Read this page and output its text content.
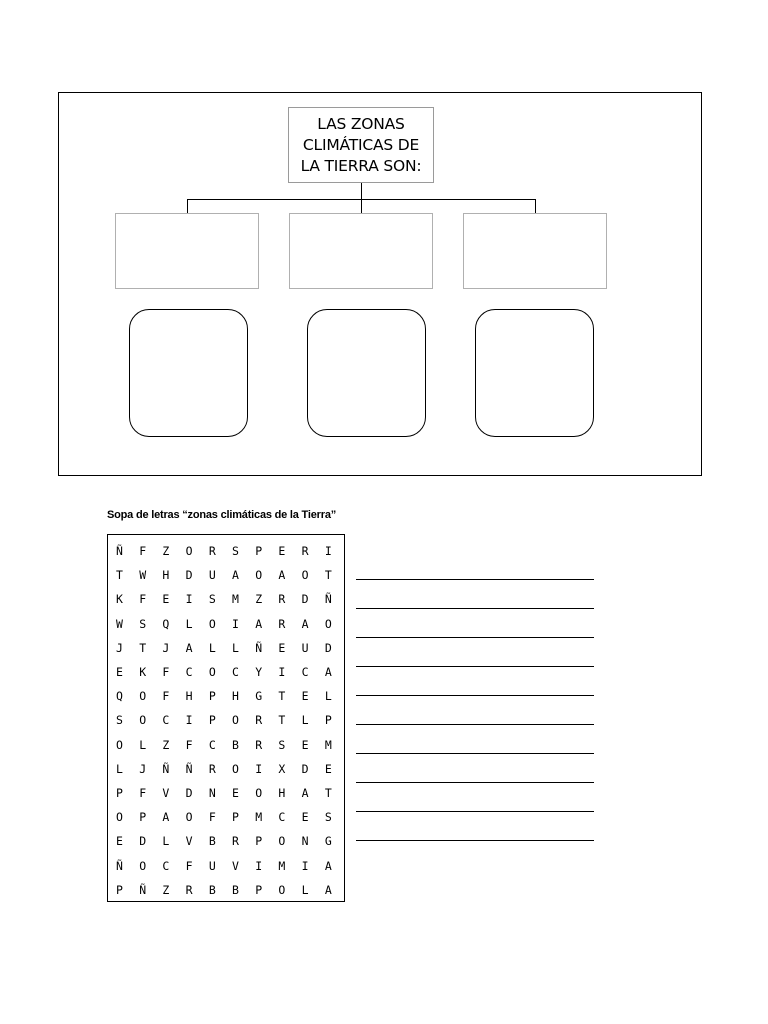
LAS ZONAS
CLIMÁTICAS DE
LA TIERRA SON:
Sopa de letras “zonas climáticas de la Tierra”
Ñ	F	Z	O	R	S	P	E	R	I
T	W	H	D	U	A	O	A	O	T
K	F	E	I	S	M	Z	R	D	Ñ
W	S	Q	L	O	I	A	R	A	O
J	T	J	A	L	L	Ñ	E	U	D
E	K	F	C	O	C	Y	I	C	A
Q	O	F	H	P	H	G	T	E	L
S	O	C	I	P	O	R	T	L	P
O	L	Z	F	C	B	R	S	E	M
L	J	Ñ	Ñ	R	O	I	X	D	E
P	F	V	D	N	E	O	H	A	T
O	P	A	O	F	P	M	C	E	S
E	D	L	V	B	R	P	O	N	G
Ñ	O	C	F	U	V	I	M	I	A
P	Ñ	Z	R	B	B	P	O	L	A
